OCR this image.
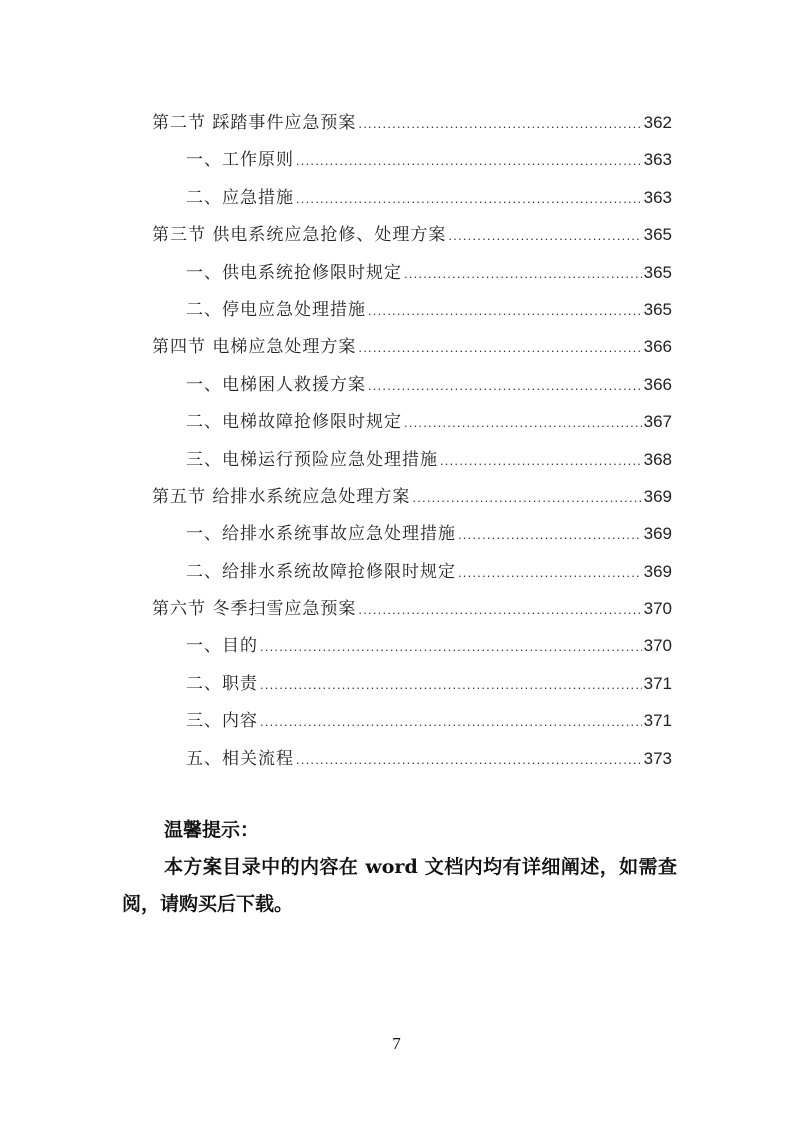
第二节 踩踏事件应急预案 .....	362
一、工作原则 .....	363
二、应急措施 .....	363
第三节 供电系统应急抢修、处理方案 .....	365
一、供电系统抢修限时规定 .....	365
二、停电应急处理措施 .....	365
第四节 电梯应急处理方案 .....	366
一、电梯困人救援方案 .....	366
二、电梯故障抢修限时规定 .....	367
三、电梯运行预险应急处理措施 .....	368
第五节 给排水系统应急处理方案 .....	369
一、给排水系统事故应急处理措施 .....	369
二、给排水系统故障抢修限时规定 .....	369
第六节 冬季扫雪应急预案 .....	370
一、目的 .....	370
二、职责 .....	371
三、内容 .....	371
五、相关流程 .....	373
温馨提示：

本方案目录中的内容在 word 文档内均有详细阐述，如需查阅，请购买后下载。

7
